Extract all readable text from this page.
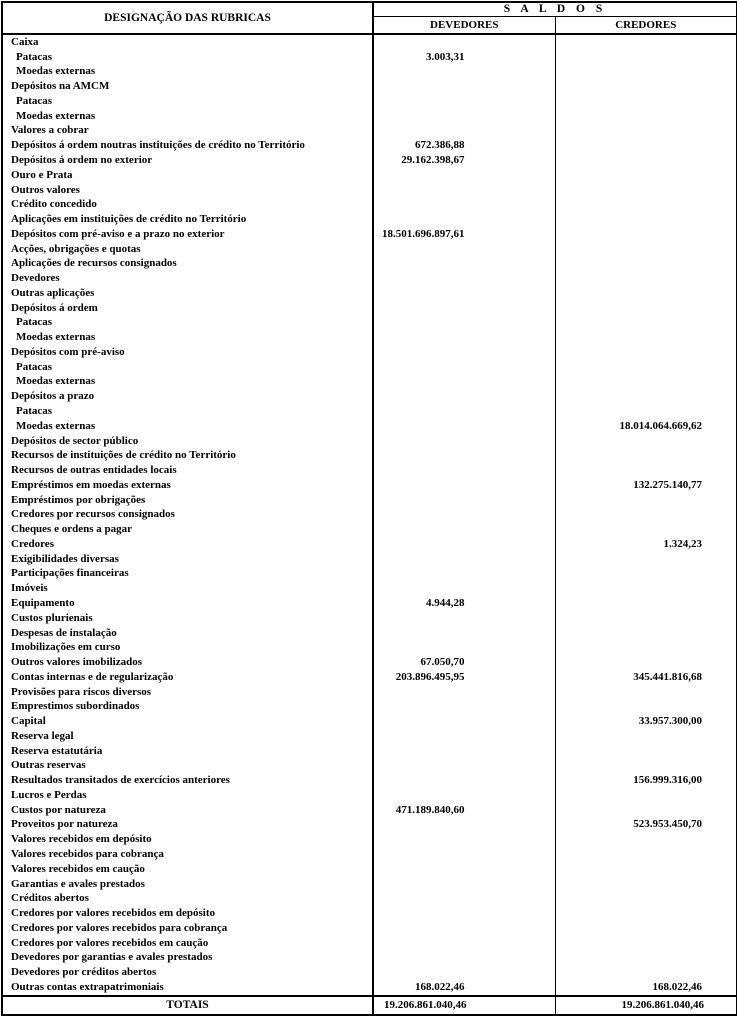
DESIGNAÇÃO DAS RUBRICAS	S A L D O S	
	DEVEDORES	CREDORES
Caixa		
Patacas	3.003,31	
Moedas externas		
Depósitos na AMCM		
Patacas		
Moedas externas		
Valores a cobrar		
Depósitos á ordem noutras instituições de crédito no Território	672.386,88	
Depósitos á ordem no exterior	29.162.398,67	
Ouro e Prata		
Outros valores		
Crédito concedido		
Aplicações em instituições de crédito no Território		
Depósitos com pré-aviso e a prazo no exterior	18.501.696.897,61	
Acções, obrigações e quotas		
Aplicações de recursos consignados		
Devedores		
Outras aplicações		
Depósitos á ordem		
Patacas		
Moedas externas		
Depósitos com pré-aviso		
Patacas		
Moedas externas		
Depósitos a prazo		
Patacas		
Moedas externas		18.014.064.669,62
Depósitos de sector público		
Recursos de instituições de crédito no Território		
Recursos de outras entidades locais		
Empréstimos em moedas externas		132.275.140,77
Empréstimos por obrigações		
Credores por recursos consignados		
Cheques e ordens a pagar		
Credores		1.324,23
Exigibilidades diversas		
Participações financeiras		
Imóveis		
Equipamento	4.944,28	
Custos plurienais		
Despesas de instalação		
Imobilizações em curso		
Outros valores imobilizados	67.050,70	
Contas internas e de regularização	203.896.495,95	345.441.816,68
Provisões para riscos diversos		
Emprestimos subordinados		
Capital		33.957.300,00
Reserva legal		
Reserva estatutária		
Outras reservas		
Resultados transitados de exercícios anteriores		156.999.316,00
Lucros e Perdas		
Custos por natureza	471.189.840,60	
Proveitos por natureza		523.953.450,70
Valores recebidos em depósito		
Valores recebidos para cobrança		
Valores recebidos em caução		
Garantias e avales prestados		
Créditos abertos		
Credores por valores recebidos em depósito		
Credores por valores recebidos para cobrança		
Credores por valores recebidos em caução		
Devedores por garantias e avales prestados		
Devedores por créditos abertos		
Outras contas extrapatrimoniais	168.022,46	168.022,46
TOTAIS	19.206.861.040,46	19.206.861.040,46
